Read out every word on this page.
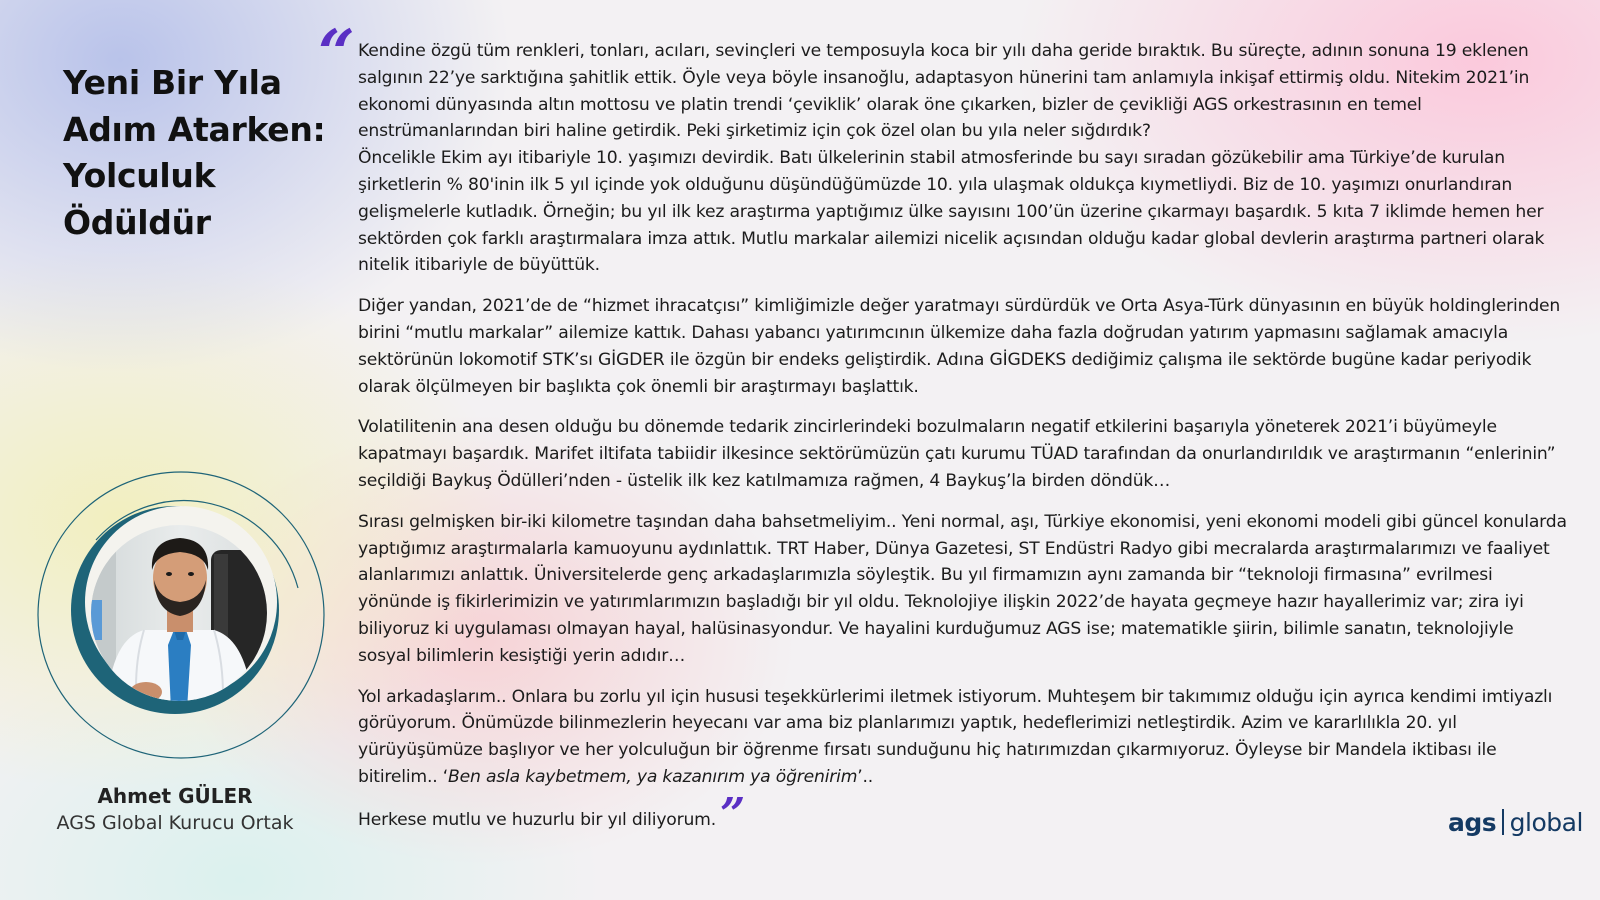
Yeni Bir Yıla
Adım Atarken:
Yolculuk
Ödüldür
Ahmet GÜLER
AGS Global Kurucu Ortak
“ Kendine özgü tüm renkleri, tonları, acıları, sevinçleri ve temposuyla koca bir yılı daha geride bıraktık. Bu süreçte, adının sonuna 19 eklenen salgının 22’ye sarktığına şahitlik ettik. Öyle veya böyle insanoğlu, adaptasyon hünerini tam anlamıyla inkişaf ettirmiş oldu. Nitekim 2021’in ekonomi dünyasında altın mottosu ve platin trendi ‘çeviklik’ olarak öne çıkarken, bizler de çevikliği AGS orkestrasının en temel enstrümanlarından biri haline getirdik. Peki şirketimiz için çok özel olan bu yıla neler sığdırdık?

Öncelikle Ekim ayı itibariyle 10. yaşımızı devirdik. Batı ülkelerinin stabil atmosferinde bu sayı sıradan gözükebilir ama Türkiye’de kurulan şirketlerin % 80'inin ilk 5 yıl içinde yok olduğunu düşündüğümüzde 10. yıla ulaşmak oldukça kıymetliydi. Biz de 10. yaşımızı onurlandıran gelişmelerle kutladık. Örneğin; bu yıl ilk kez araştırma yaptığımız ülke sayısını 100’ün üzerine çıkarmayı başardık. 5 kıta 7 iklimde hemen her sektörden çok farklı araştırmalara imza attık. Mutlu markalar ailemizi nicelik açısından olduğu kadar global devlerin araştırma partneri olarak nitelik itibariyle de büyüttük.

Diğer yandan, 2021’de de “hizmet ihracatçısı” kimliğimizle değer yaratmayı sürdürdük ve Orta Asya-Türk dünyasının en büyük holdinglerinden birini “mutlu markalar” ailemize kattık. Dahası yabancı yatırımcının ülkemize daha fazla doğrudan yatırım yapmasını sağlamak amacıyla sektörünün lokomotif STK’sı GİGDER ile özgün bir endeks geliştirdik. Adına GİGDEKS dediğimiz çalışma ile sektörde bugüne kadar periyodik olarak ölçülmeyen bir başlıkta çok önemli bir araştırmayı başlattık.

Volatilitenin ana desen olduğu bu dönemde tedarik zincirlerindeki bozulmaların negatif etkilerini başarıyla yöneterek 2021’i büyümeyle kapatmayı başardık. Marifet iltifata tabiidir ilkesince sektörümüzün çatı kurumu TÜAD tarafından da onurlandırıldık ve araştırmanın “enlerinin” seçildiği Baykuş Ödülleri’nden - üstelik ilk kez katılmamıza rağmen, 4 Baykuş’la birden döndük…

Sırası gelmişken bir-iki kilometre taşından daha bahsetmeliyim.. Yeni normal, aşı, Türkiye ekonomisi, yeni ekonomi modeli gibi güncel konularda yaptığımız araştırmalarla kamuoyunu aydınlattık. TRT Haber, Dünya Gazetesi, ST Endüstri Radyo gibi mecralarda araştırmalarımızı ve faaliyet alanlarımızı anlattık. Üniversitelerde genç arkadaşlarımızla söyleştik. Bu yıl firmamızın aynı zamanda bir “teknoloji firmasına” evrilmesi yönünde iş fikirlerimizin ve yatırımlarımızın başladığı bir yıl oldu. Teknolojiye ilişkin 2022’de hayata geçmeye hazır hayallerimiz var; zira iyi biliyoruz ki uygulaması olmayan hayal, halüsinasyondur. Ve hayalini kurduğumuz AGS ise; matematikle şiirin, bilimle sanatın, teknolojiyle sosyal bilimlerin kesiştiği yerin adıdır…

Yol arkadaşlarım.. Onlara bu zorlu yıl için hususi teşekkürlerimi iletmek istiyorum. Muhteşem bir takımımız olduğu için ayrıca kendimi imtiyazlı görüyorum. Önümüzde bilinmezlerin heyecanı var ama biz planlarımızı yaptık, hedeflerimizi netleştirdik. Azim ve kararlılıkla 20. yıl yürüyüşümüze başlıyor ve her yolculuğun bir öğrenme fırsatı sunduğunu hiç hatırımızdan çıkarmıyoruz. Öyleyse bir Mandela iktibası ile bitirelim.. ‘Ben asla kaybetmem, ya kazanırım ya öğrenirim’..

Herkese mutlu ve huzurlu bir yıl diliyorum.”	ags global
